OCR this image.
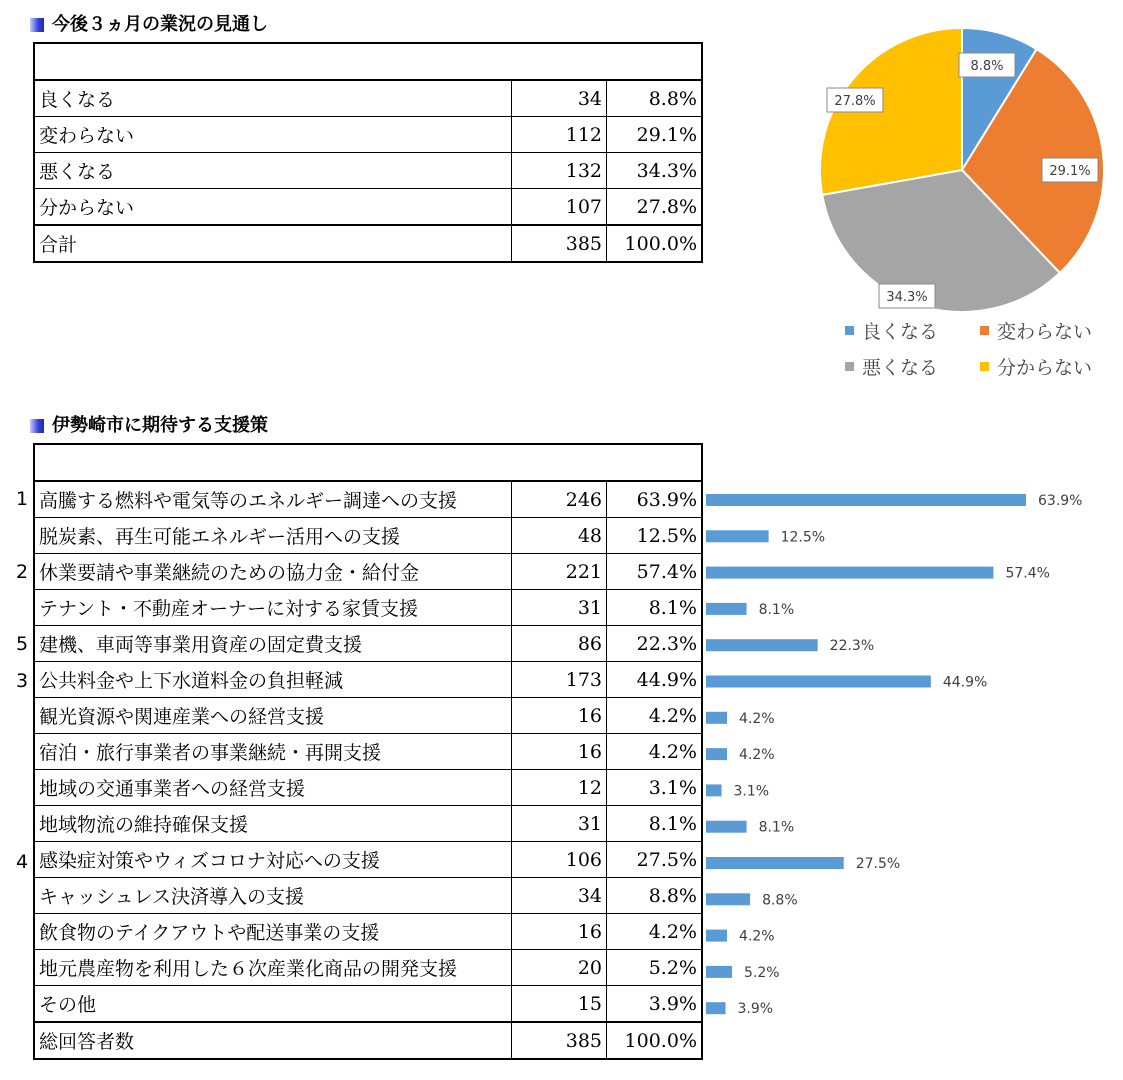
今後３ヵ月の業況の見通し

良くなる	34	8.8%
変わらない	112	29.1%
悪くなる	132	34.3%
分からない	107	27.8%
合計	385	100.0%
8.8%
29.1%
34.3%
27.8%
良くなる	変わらない
悪くなる	分からない
伊勢崎市に期待する支援策
1
2
5
3
4

高騰する燃料や電気等のエネルギー調達への支援	246	63.9%
脱炭素、再生可能エネルギー活用への支援	48	12.5%
休業要請や事業継続のための協力金・給付金	221	57.4%
テナント・不動産オーナーに対する家賃支援	31	8.1%
建機、車両等事業用資産の固定費支援	86	22.3%
公共料金や上下水道料金の負担軽減	173	44.9%
観光資源や関連産業への経営支援	16	4.2%
宿泊・旅行事業者の事業継続・再開支援	16	4.2%
地域の交通事業者への経営支援	12	3.1%
地域物流の維持確保支援	31	8.1%
感染症対策やウィズコロナ対応への支援	106	27.5%
キャッシュレス決済導入の支援	34	8.8%
飲食物のテイクアウトや配送事業の支援	16	4.2%
地元農産物を利用した６次産業化商品の開発支援	20	5.2%
その他	15	3.9%
総回答者数	385	100.0%
63.9%
12.5%
57.4%
8.1%
22.3%
44.9%
4.2%
4.2%
3.1%
8.1%
27.5%
8.8%
4.2%
5.2%
3.9%
